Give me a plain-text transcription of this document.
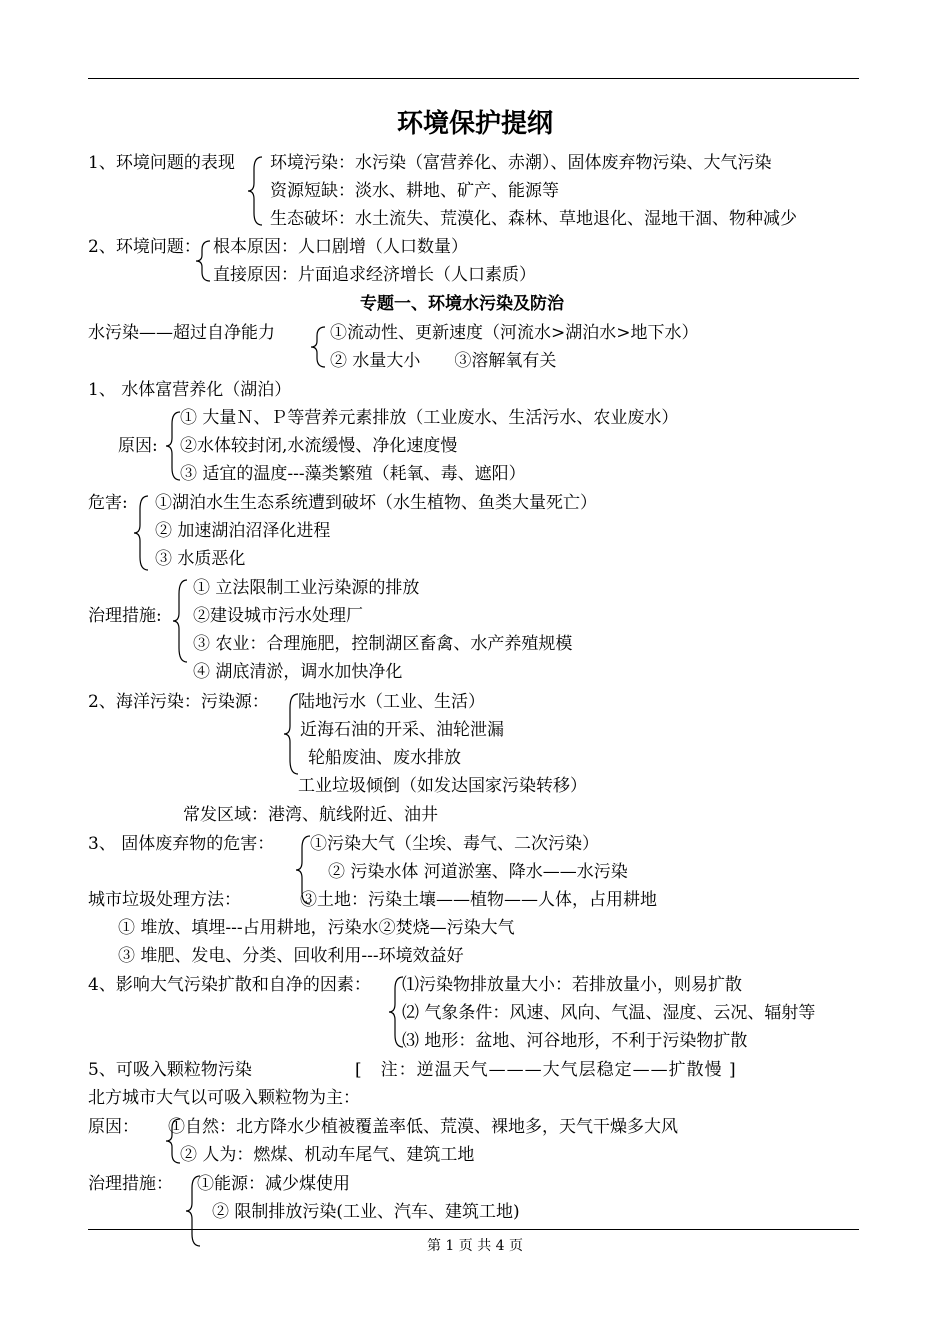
环境保护提纲
1、环境问题的表现 环境污染：水污染（富营养化、赤潮）、固体废弃物污染、大气污染
资源短缺：淡水、耕地、矿产、能源等
生态破坏：水土流失、荒漠化、森林、草地退化、湿地干涸、物种减少
2、环境问题： 根本原因：人口剧增（人口数量）
直接原因：片面追求经济增长（人口素质）
专题一、环境水污染及防治
水污染——超过自净能力	①流动性、更新速度（河流水>湖泊水>地下水）
② 水量大小　　③溶解氧有关
1、 水体富营养化（湖泊）
① 大量Ｎ、Ｐ等营养元素排放（工业废水、生活污水、农业废水）
原因: ②水体较封闭,水流缓慢、净化速度慢
③ 适宜的温度---藻类繁殖（耗氧、毒、遮阳）
危害: ①湖泊水生生态系统遭到破坏（水生植物、鱼类大量死亡）
② 加速湖泊沼泽化进程
③ 水质恶化
① 立法限制工业污染源的排放
治理措施: ②建设城市污水处理厂
③ 农业：合理施肥，控制湖区畜禽、水产养殖规模
④ 湖底清淤，调水加快净化
2、海洋污染：污染源： 陆地污水（工业、生活）
近海石油的开采、油轮泄漏
轮船废油、废水排放
工业垃圾倾倒（如发达国家污染转移）
常发区域：港湾、航线附近、油井
3、 固体废弃物的危害： ①污染大气（尘埃、毒气、二次污染）
② 污染水体 河道淤塞、降水——水污染
城市垃圾处理方法：	③土地：污染土壤——植物——人体，占用耕地
① 堆放、填埋---占用耕地，污染水②焚烧—污染大气
③ 堆肥、发电、分类、回收利用---环境效益好
4、影响大气污染扩散和自净的因素： ⑴污染物排放量大小：若排放量小，则易扩散
⑵ 气象条件：风速、风向、气温、湿度、云况、辐射等
⑶ 地形：盆地、河谷地形，不利于污染物扩散
5、可吸入颗粒物污染	[　注：逆温天气———大气层稳定——扩散慢 ]
北方城市大气以可吸入颗粒物为主：
原因： ①自然：北方降水少植被覆盖率低、荒漠、裸地多，天气干燥多大风
② 人为：燃煤、机动车尾气、建筑工地
治理措施： ①能源：减少煤使用
② 限制排放污染(工业、汽车、建筑工地)
第 1 页 共 4 页
